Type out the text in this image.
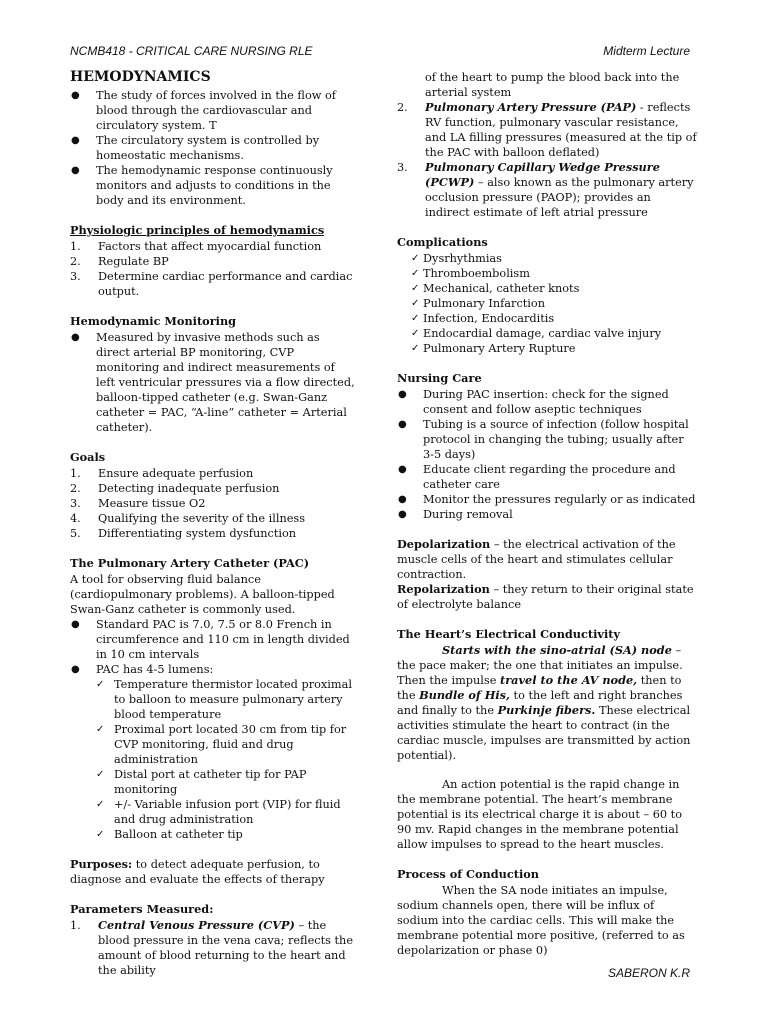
NCMB418 - CRITICAL CARE NURSING RLE	Midterm Lecture
HEMODYNAMICS
● The study of forces involved in the flow of blood through the cardiovascular and circulatory system. T
● The circulatory system is controlled by homeostatic mechanisms.
● The hemodynamic response continuously monitors and adjusts to conditions in the body and its environment.
Physiologic principles of hemodynamics
1. Factors that affect myocardial function
2. Regulate BP
3. Determine cardiac performance and cardiac output.
Hemodynamic Monitoring
● Measured by invasive methods such as direct arterial BP monitoring, CVP monitoring and indirect measurements of left ventricular pressures via a flow directed, balloon-tipped catheter (e.g. Swan-Ganz catheter = PAC, “A-line” catheter = Arterial catheter).
Goals
1. Ensure adequate perfusion
2. Detecting inadequate perfusion
3. Measure tissue O2
4. Qualifying the severity of the illness
5. Differentiating system dysfunction
The Pulmonary Artery Catheter (PAC)

A tool for observing fluid balance (cardiopulmonary problems). A balloon-tipped Swan-Ganz catheter is commonly used.

● Standard PAC is 7.0, 7.5 or 8.0 French in circumference and 110 cm in length divided in 10 cm intervals
● PAC has 4-5 lumens:
✓ Temperature thermistor located proximal to balloon to measure pulmonary artery blood temperature
✓ Proximal port located 30 cm from tip for CVP monitoring, fluid and drug administration
✓ Distal port at catheter tip for PAP monitoring
✓ +/- Variable infusion port (VIP) for fluid and drug administration
✓ Balloon at catheter tip

Purposes: to detect adequate perfusion, to diagnose and evaluate the effects of therapy

Parameters Measured:
1. Central Venous Pressure (CVP) – the blood pressure in the vena cava; reflects the amount of blood returning to the heart and the ability

of the heart to pump the blood back into the arterial system

2. Pulmonary Artery Pressure (PAP) - reflects RV function, pulmonary vascular resistance, and LA filling pressures (measured at the tip of the PAC with balloon deflated)
3. Pulmonary Capillary Wedge Pressure (PCWP) – also known as the pulmonary artery occlusion pressure (PAOP); provides an indirect estimate of left atrial pressure
Complications
✓ Dysrhythmias
✓ Thromboembolism
✓ Mechanical, catheter knots
✓ Pulmonary Infarction
✓ Infection, Endocarditis
✓ Endocardial damage, cardiac valve injury
✓ Pulmonary Artery Rupture
Nursing Care
● During PAC insertion: check for the signed consent and follow aseptic techniques
● Tubing is a source of infection (follow hospital protocol in changing the tubing; usually after 3-5 days)
● Educate client regarding the procedure and catheter care
● Monitor the pressures regularly or as indicated
● During removal

Depolarization – the electrical activation of the muscle cells of the heart and stimulates cellular contraction.

Repolarization – they return to their original state of electrolyte balance

The Heart’s Electrical Conductivity

Starts with the sino-atrial (SA) node – the pace maker; the one that initiates an impulse. Then the impulse travel to the AV node, then to the Bundle of His, to the left and right branches and finally to the Purkinje fibers. These electrical activities stimulate the heart to contract (in the cardiac muscle, impulses are transmitted by action potential).

An action potential is the rapid change in the membrane potential. The heart’s membrane potential is its electrical charge it is about – 60 to 90 mv. Rapid changes in the membrane potential allow impulses to spread to the heart muscles.

Process of Conduction

When the SA node initiates an impulse, sodium channels open, there will be influx of sodium into the cardiac cells. This will make the membrane potential more positive, (referred to as depolarization or phase 0)

SABERON K.R
